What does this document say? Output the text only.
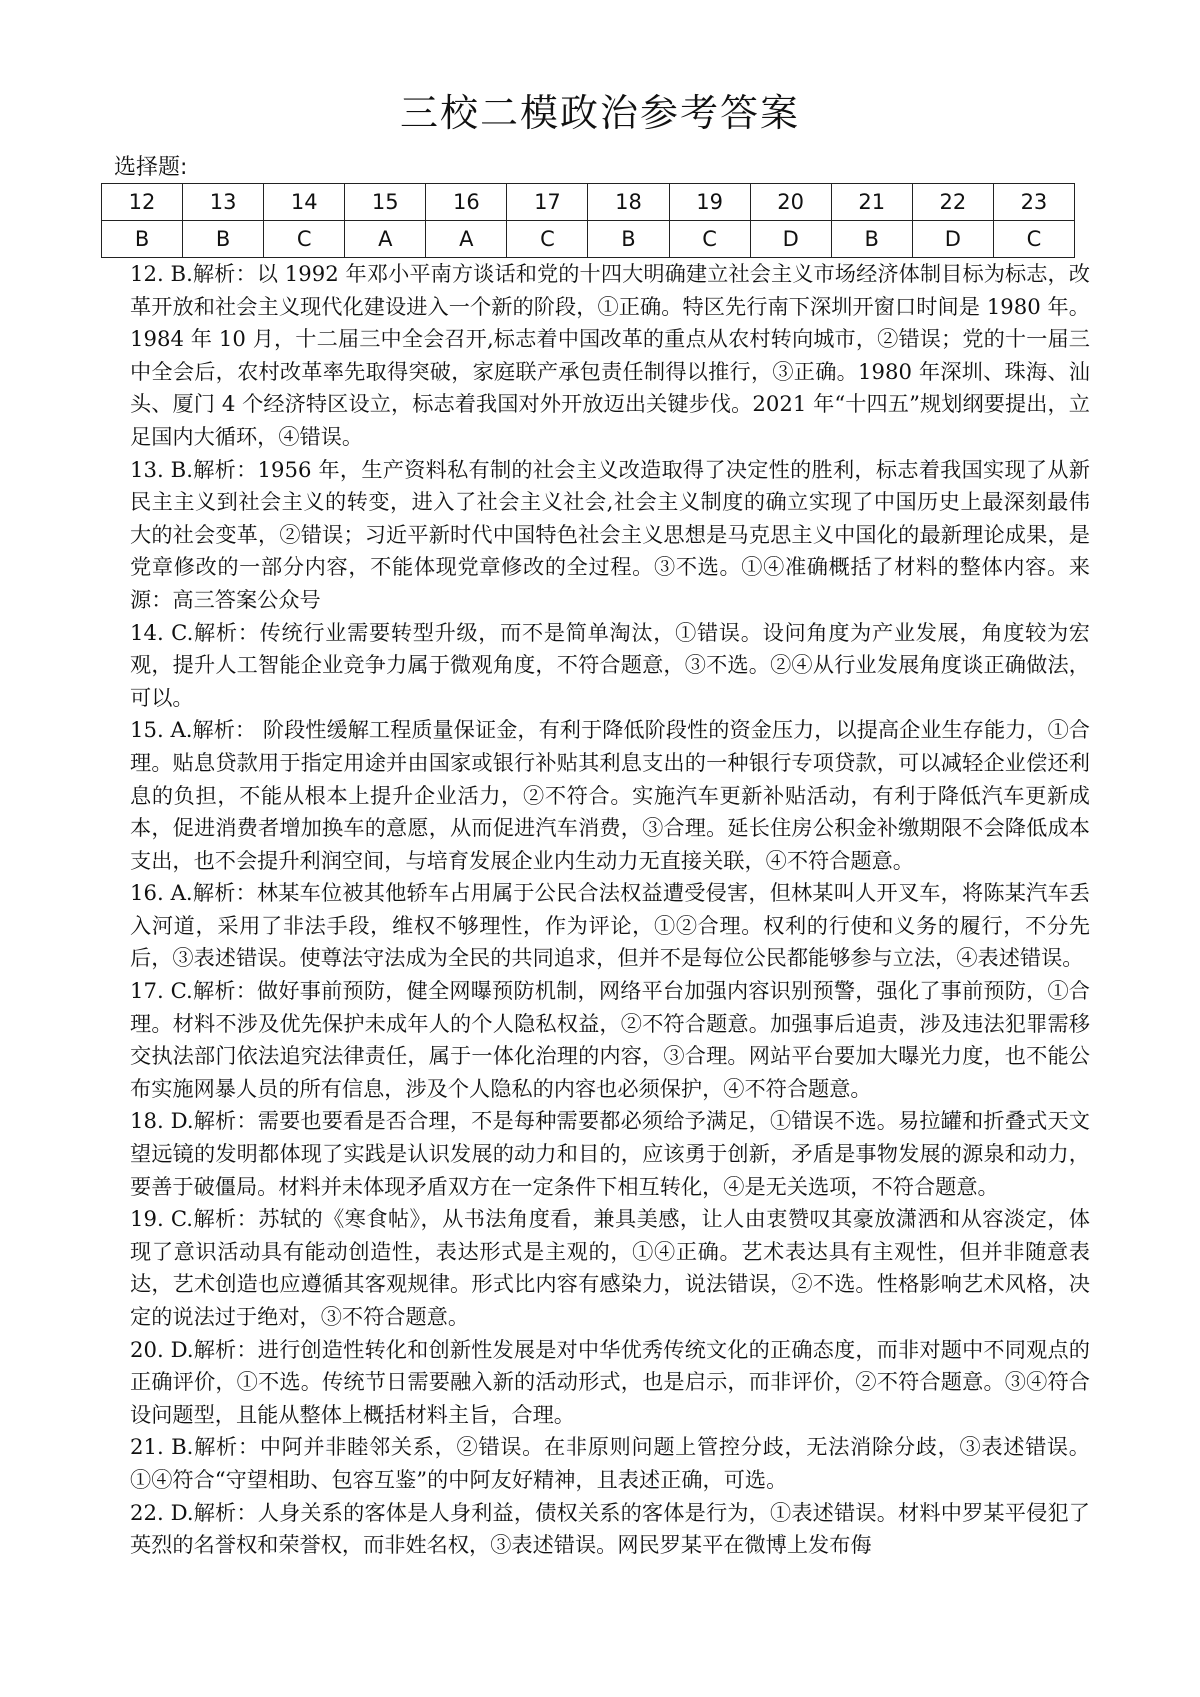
三校二模政治参考答案
选择题:
12	13	14	15	16	17	18	19	20	21	22	23
B	B	C	A	A	C	B	C	D	B	D	C

12. B.解析：以 1992 年邓小平南方谈话和党的十四大明确建立社会主义市场经济体制目标为标志，改革开放和社会主义现代化建设进入一个新的阶段，①正确。特区先行南下深圳开窗口时间是 1980 年。1984 年 10 月，十二届三中全会召开,标志着中国改革的重点从农村转向城市，②错误；党的十一届三中全会后，农村改革率先取得突破，家庭联产承包责任制得以推行，③正确。1980 年深圳、珠海、汕头、厦门 4 个经济特区设立，标志着我国对外开放迈出关键步伐。2021 年“十四五”规划纲要提出，立足国内大循环，④错误。

13. B.解析：1956 年，生产资料私有制的社会主义改造取得了决定性的胜利，标志着我国实现了从新民主主义到社会主义的转变，进入了社会主义社会,社会主义制度的确立实现了中国历史上最深刻最伟大的社会变革，②错误；习近平新时代中国特色社会主义思想是马克思主义中国化的最新理论成果，是党章修改的一部分内容，不能体现党章修改的全过程。③不选。①④准确概括了材料的整体内容。来源：高三答案公众号

14. C.解析：传统行业需要转型升级，而不是简单淘汰，①错误。设问角度为产业发展，角度较为宏观，提升人工智能企业竞争力属于微观角度，不符合题意，③不选。②④从行业发展角度谈正确做法，可以。

15. A.解析： 阶段性缓解工程质量保证金，有利于降低阶段性的资金压力，以提高企业生存能力，①合理。贴息贷款用于指定用途并由国家或银行补贴其利息支出的一种银行专项贷款，可以减轻企业偿还利息的负担，不能从根本上提升企业活力，②不符合。实施汽车更新补贴活动，有利于降低汽车更新成本，促进消费者增加换车的意愿，从而促进汽车消费，③合理。延长住房公积金补缴期限不会降低成本支出，也不会提升利润空间，与培育发展企业内生动力无直接关联，④不符合题意。

16. A.解析：林某车位被其他轿车占用属于公民合法权益遭受侵害，但林某叫人开叉车，将陈某汽车丢入河道，采用了非法手段，维权不够理性，作为评论，①②合理。权利的行使和义务的履行，不分先后，③表述错误。使尊法守法成为全民的共同追求，但并不是每位公民都能够参与立法，④表述错误。

17. C.解析：做好事前预防，健全网曝预防机制，网络平台加强内容识别预警，强化了事前预防，①合理。材料不涉及优先保护未成年人的个人隐私权益，②不符合题意。加强事后追责，涉及违法犯罪需移交执法部门依法追究法律责任，属于一体化治理的内容，③合理。网站平台要加大曝光力度，也不能公布实施网暴人员的所有信息，涉及个人隐私的内容也必须保护，④不符合题意。

18. D.解析：需要也要看是否合理，不是每种需要都必须给予满足，①错误不选。易拉罐和折叠式天文望远镜的发明都体现了实践是认识发展的动力和目的，应该勇于创新，矛盾是事物发展的源泉和动力，要善于破僵局。材料并未体现矛盾双方在一定条件下相互转化，④是无关选项，不符合题意。

19. C.解析：苏轼的《寒食帖》，从书法角度看，兼具美感，让人由衷赞叹其豪放潇洒和从容淡定，体现了意识活动具有能动创造性，表达形式是主观的，①④正确。艺术表达具有主观性，但并非随意表达，艺术创造也应遵循其客观规律。形式比内容有感染力，说法错误，②不选。性格影响艺术风格，决定的说法过于绝对，③不符合题意。

20. D.解析：进行创造性转化和创新性发展是对中华优秀传统文化的正确态度，而非对题中不同观点的正确评价，①不选。传统节日需要融入新的活动形式，也是启示，而非评价，②不符合题意。③④符合设问题型，且能从整体上概括材料主旨，合理。

21. B.解析：中阿并非睦邻关系，②错误。在非原则问题上管控分歧，无法消除分歧，③表述错误。①④符合“守望相助、包容互鉴”的中阿友好精神，且表述正确，可选。

22. D.解析：人身关系的客体是人身利益，债权关系的客体是行为，①表述错误。材料中罗某平侵犯了英烈的名誉权和荣誉权，而非姓名权，③表述错误。网民罗某平在微博上发布侮
